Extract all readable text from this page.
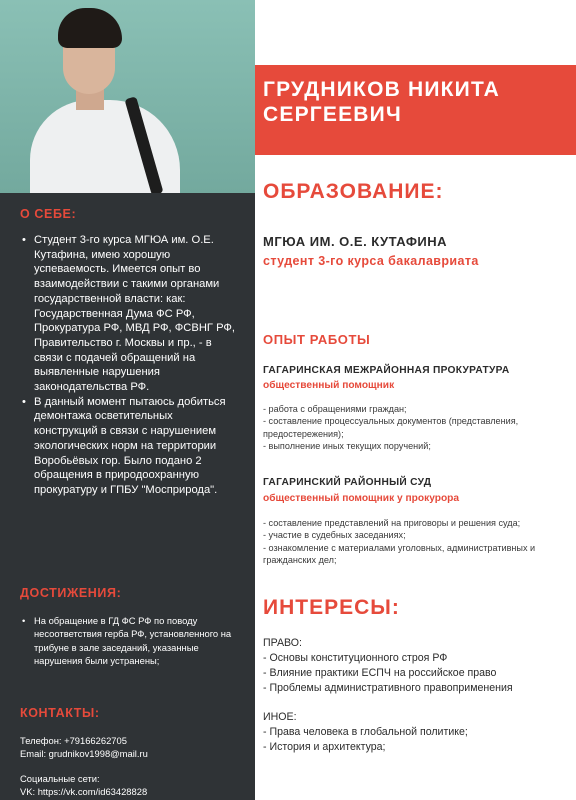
О СЕБЕ:
• Студент 3-го курса МГЮА им. О.Е. Кутафина, имею хорошую успеваемость. Имеется опыт во взаимодействии с такими органами государственной власти: как: Государственная Дума ФС РФ, Прокуратура РФ, МВД РФ, ФСВНГ РФ, Правительство г. Москвы и пр., - в связи с подачей обращений на выявленные нарушения законодательства РФ.
• В данный момент пытаюсь добиться демонтажа осветительных конструкций в связи с нарушением экологических норм на территории Воробьёвых гор. Было подано 2 обращения в природоохранную прокуратуру и ГПБУ "Мосприрода".
ДОСТИЖЕНИЯ:
• На обращение в ГД ФС РФ по поводу несоответствия герба РФ, установленного на трибуне в зале заседаний, указанные нарушения были устранены;
КОНТАКТЫ:
Телефон: +79166262705
Email: grudnikov1998@mail.ru
Социальные сети:
VK: https://vk.com/id63428828
ГРУДНИКОВ НИКИТА
СЕРГЕЕВИЧ
ОБРАЗОВАНИЕ:
МГЮА ИМ. О.Е. КУТАФИНА
студент 3-го курса бакалавриата
ОПЫТ РАБОТЫ
ГАГАРИНСКАЯ МЕЖРАЙОННАЯ ПРОКУРАТУРА
общественный помощник
- работа с обращениями граждан;
- составление процессуальных документов (представления, предостережения);
- выполнение иных текущих поручений;
ГАГАРИНСКИЙ РАЙОННЫЙ СУД
общественный помощник у прокурора
- составление представлений на приговоры и решения суда;
- участие в судебных заседаниях;
- ознакомление с материалами уголовных, административных и гражданских дел;
ИНТЕРЕСЫ:
ПРАВО:
- Основы конституционного строя РФ
- Влияние практики ЕСПЧ на российское право
- Проблемы административного правоприменения
ИНОЕ:
- Права человека в глобальной политике;
- История и архитектура;
